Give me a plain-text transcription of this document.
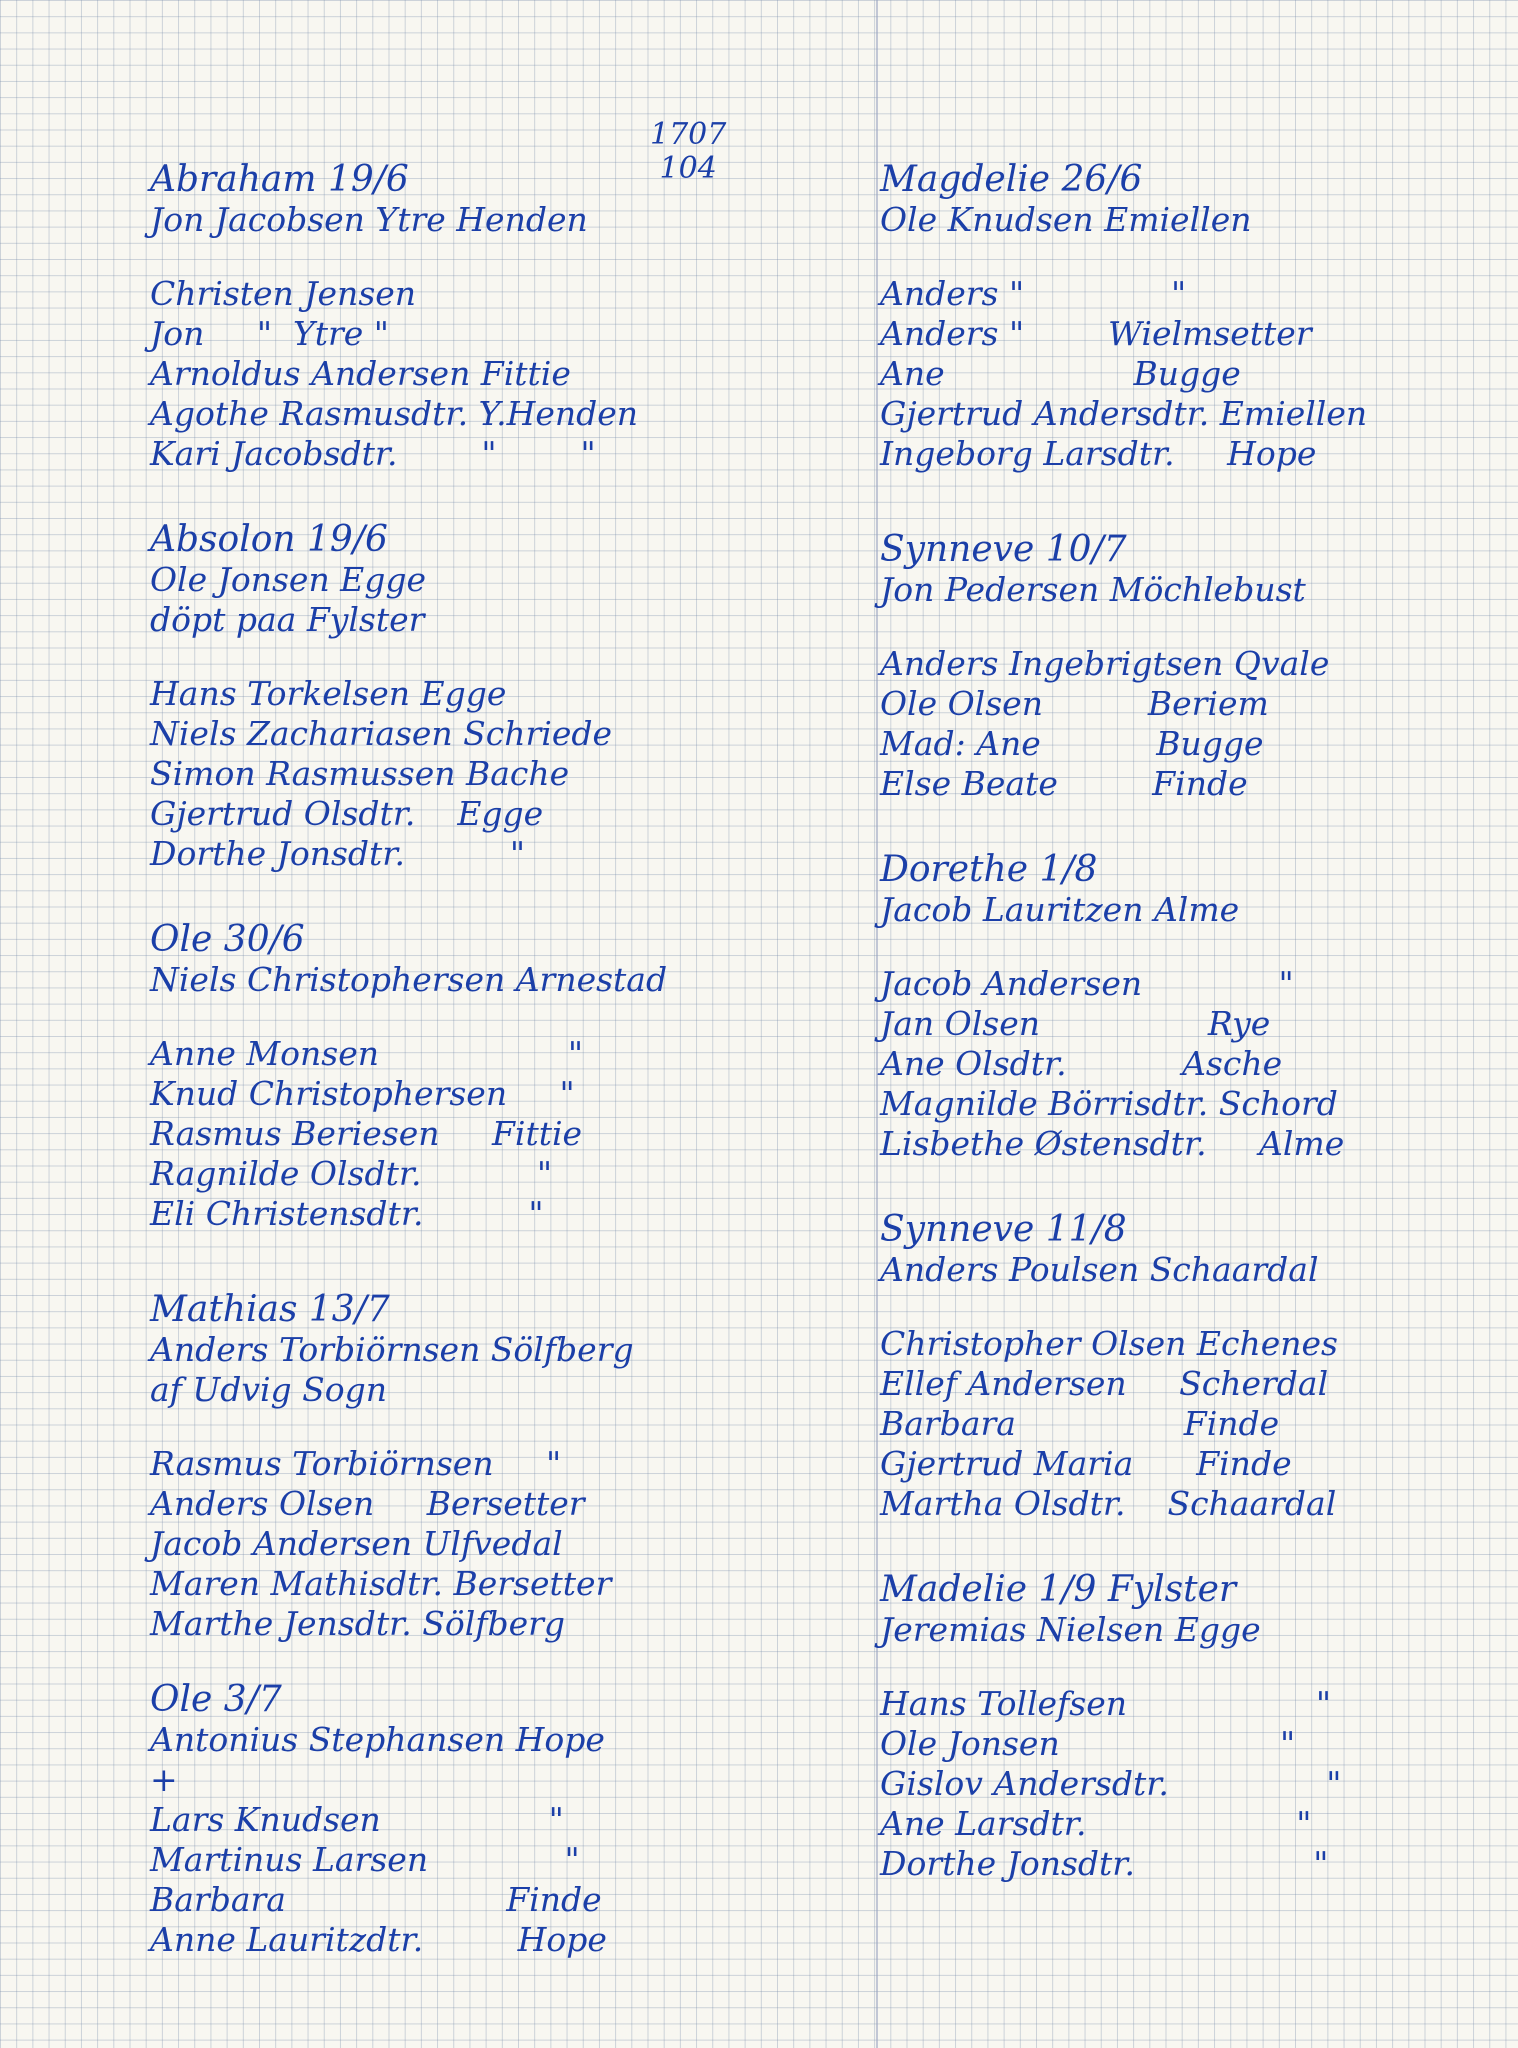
1707
104
Abraham 19/6
Jon Jacobsen Ytre Henden
Christen Jensen
Jon "  Ytre "
Arnoldus Andersen Fittie
Agothe Rasmusdtr. Y.Henden
Kari Jacobsdtr.	"	"
Absolon 19/6
Ole Jonsen Egge
döpt paa Fylster
Hans Torkelsen Egge
Niels Zachariasen Schriede
Simon Rasmussen Bache
Gjertrud Olsdtr. Egge
Dorthe Jonsdtr.	"
Ole 30/6
Niels Christophersen Arnestad
Anne Monsen	"
Knud Christophersen "
Rasmus Beriesen Fittie
Ragnilde Olsdtr.	"
Eli Christensdtr.	"
Mathias 13/7
Anders Torbiörnsen Sölfberg
af Udvig Sogn
Rasmus Torbiörnsen "
Anders Olsen Bersetter
Jacob Andersen Ulfvedal
Maren Mathisdtr. Bersetter
Marthe Jensdtr. Sölfberg
Ole 3/7
Antonius Stephansen Hope
+
Lars Knudsen	"
Martinus Larsen	"
Barbara	Finde
Anne Lauritzdtr.	Hope
Magdelie 26/6
Ole Knudsen Emiellen
Anders "	"
Anders "	Wielmsetter
Ane	Bugge
Gjertrud Andersdtr. Emiellen
Ingeborg Larsdtr. Hope
Synneve 10/7
Jon Pedersen Möchlebust
Anders Ingebrigtsen Qvale
Ole Olsen	Beriem
Mad: Ane	Bugge
Else Beate	Finde
Dorethe 1/8
Jacob Lauritzen Alme
Jacob Andersen	"
Jan Olsen	Rye
Ane Olsdtr.	Asche
Magnilde Börrisdtr. Schord
Lisbethe Østensdtr. Alme
Synneve 11/8
Anders Poulsen Schaardal
Christopher Olsen Echenes
Ellef Andersen Scherdal
Barbara	Finde
Gjertrud Maria Finde
Martha Olsdtr. Schaardal
Madelie 1/9 Fylster
Jeremias Nielsen Egge
Hans Tollefsen	"
Ole Jonsen	"
Gislov Andersdtr.	"
Ane Larsdtr.	"
Dorthe Jonsdtr.	"
